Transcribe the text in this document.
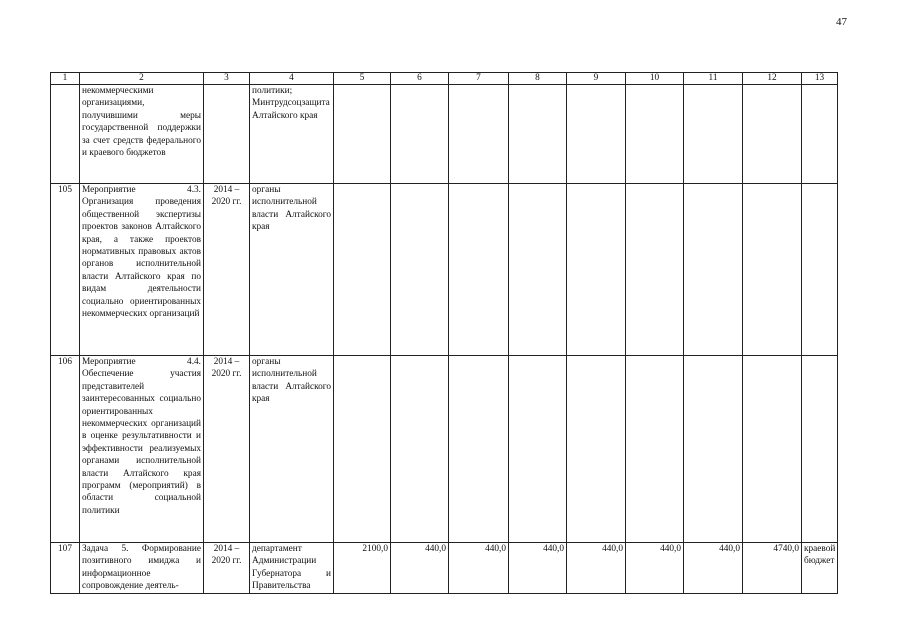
47
1	2	3	4	5	6	7	8	9	10	11	12	13
	некоммерческими организациями, получившими меры государственной поддержки за счет средств федерального и краевого бюджетов		политики; Минтрудсоцзащита Алтайского края									
105	Мероприятие 4.3. Организация проведения общественной экспертизы проектов законов Алтайского края, а также проектов нормативных правовых актов органов исполнительной власти Алтайского края по видам деятельности социально ориентированных некоммерческих организаций	2014 – 2020 гг.	органы исполнительной власти Алтайского края									
106	Мероприятие 4.4. Обеспечение участия представителей заинтересованных социально ориентированных некоммерческих организаций в оценке результативности и эффективности реализуемых органами исполнительной власти Алтайского края программ (мероприятий) в области социальной политики	2014 – 2020 гг.	органы исполнительной власти Алтайского края									
107	Задача 5. Формирование позитивного имиджа и информационное сопровождение деятель-	2014 – 2020 гг.	департамент Администрации Губернатора и Правительства	2100,0	440,0	440,0	440,0	440,0	440,0	440,0	4740,0	краевой бюджет
